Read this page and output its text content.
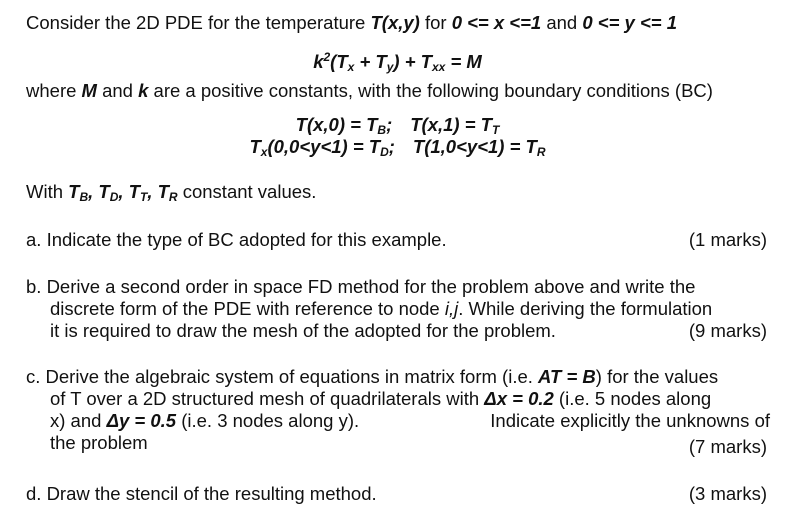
Consider the 2D PDE for the temperature T(x,y) for 0 <= x <=1 and 0 <= y <= 1
$k^2(T_x + T_y) + T_{xx} = M$
where M and k are a positive constants, with the following boundary conditions (BC)
$T(x,0) = T_B$; $T(x,1) = T_T$
$T_x(0,0<y<1) = T_D$; $T(1,0<y<1) = T_R$
With $T_B$, $T_D$, $T_T$, $T_R$ constant values.
a. Indicate the type of BC adopted for this example.	(1 marks)
b. Derive a second order in space FD method for the problem above and write the
discrete form of the PDE with reference to node i,j. While deriving the formulation
it is required to draw the mesh of the adopted for the problem.	(9 marks)
c. Derive the algebraic system of equations in matrix form (i.e. AT = B) for the values
of T over a 2D structured mesh of quadrilaterals with Δx = 0.2 (i.e. 5 nodes along
x) and Δy = 0.5 (i.e. 3 nodes along y).	Indicate explicitly the unknowns of
the problem	(7 marks)
d. Draw the stencil of the resulting method.	(3 marks)
